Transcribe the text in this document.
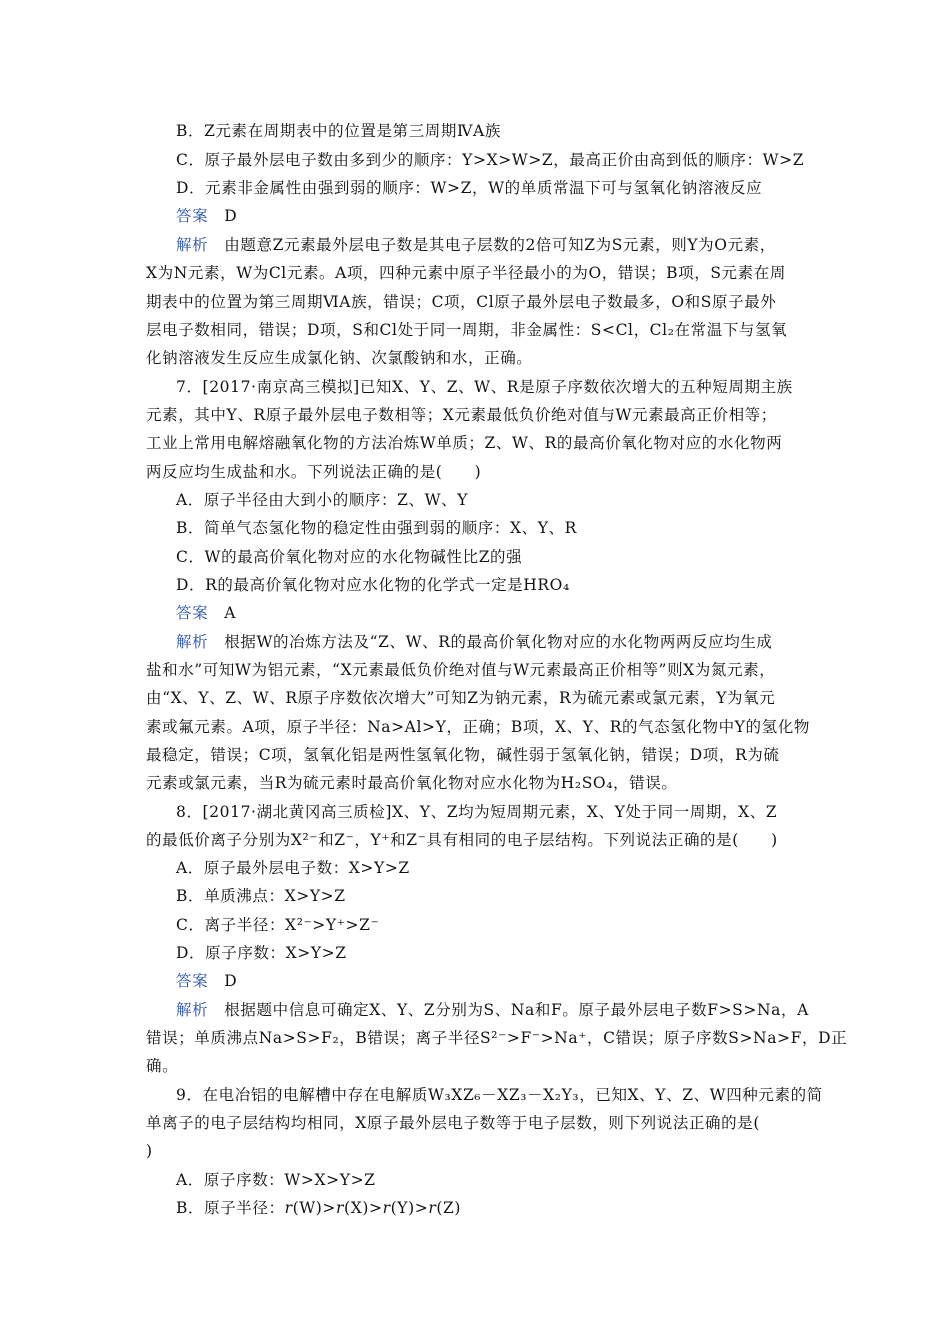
B．Z元素在周期表中的位置是第三周期ⅣA族

C．原子最外层电子数由多到少的顺序：Y>X>W>Z，最高正价由高到低的顺序：W>Z

D．元素非金属性由强到弱的顺序：W>Z，W的单质常温下可与氢氧化钠溶液反应

答案　D

解析　由题意Z元素最外层电子数是其电子层数的2倍可知Z为S元素，则Y为O元素，

X为N元素，W为Cl元素。A项，四种元素中原子半径最小的为O，错误；B项，S元素在周

期表中的位置为第三周期ⅥA族，错误；C项，Cl原子最外层电子数最多，O和S原子最外

层电子数相同，错误；D项，S和Cl处于同一周期，非金属性：S<Cl，Cl₂在常温下与氢氧

化钠溶液发生反应生成氯化钠、次氯酸钠和水，正确。

7．[2017·南京高三模拟]已知X、Y、Z、W、R是原子序数依次增大的五种短周期主族

元素，其中Y、R原子最外层电子数相等；X元素最低负价绝对值与W元素最高正价相等；

工业上常用电解熔融氧化物的方法冶炼W单质；Z、W、R的最高价氧化物对应的水化物两

两反应均生成盐和水。下列说法正确的是(　　)

A．原子半径由大到小的顺序：Z、W、Y

B．简单气态氢化物的稳定性由强到弱的顺序：X、Y、R

C．W的最高价氧化物对应的水化物碱性比Z的强

D．R的最高价氧化物对应水化物的化学式一定是HRO₄

答案　A

解析　根据W的冶炼方法及“Z、W、R的最高价氧化物对应的水化物两两反应均生成

盐和水”可知W为铝元素，“X元素最低负价绝对值与W元素最高正价相等”则X为氮元素，

由“X、Y、Z、W、R原子序数依次增大”可知Z为钠元素，R为硫元素或氯元素，Y为氧元

素或氟元素。A项，原子半径：Na>Al>Y，正确；B项，X、Y、R的气态氢化物中Y的氢化物

最稳定，错误；C项，氢氧化铝是两性氢氧化物，碱性弱于氢氧化钠，错误；D项，R为硫

元素或氯元素，当R为硫元素时最高价氧化物对应水化物为H₂SO₄，错误。

8．[2017·湖北黄冈高三质检]X、Y、Z均为短周期元素，X、Y处于同一周期，X、Z

的最低价离子分别为X²⁻和Z⁻，Y⁺和Z⁻具有相同的电子层结构。下列说法正确的是(　　)

A．原子最外层电子数：X>Y>Z

B．单质沸点：X>Y>Z

C．离子半径：X²⁻>Y⁺>Z⁻

D．原子序数：X>Y>Z

答案　D

解析　根据题中信息可确定X、Y、Z分别为S、Na和F。原子最外层电子数F>S>Na，A

错误；单质沸点Na>S>F₂，B错误；离子半径S²⁻>F⁻>Na⁺，C错误；原子序数S>Na>F，D正

确。

9．在电冶铝的电解槽中存在电解质W₃XZ₆－XZ₃－X₂Y₃，已知X、Y、Z、W四种元素的简

单离子的电子层结构均相同，X原子最外层电子数等于电子层数，则下列说法正确的是(

)

A．原子序数：W>X>Y>Z

B．原子半径：r(W)>r(X)>r(Y)>r(Z)
